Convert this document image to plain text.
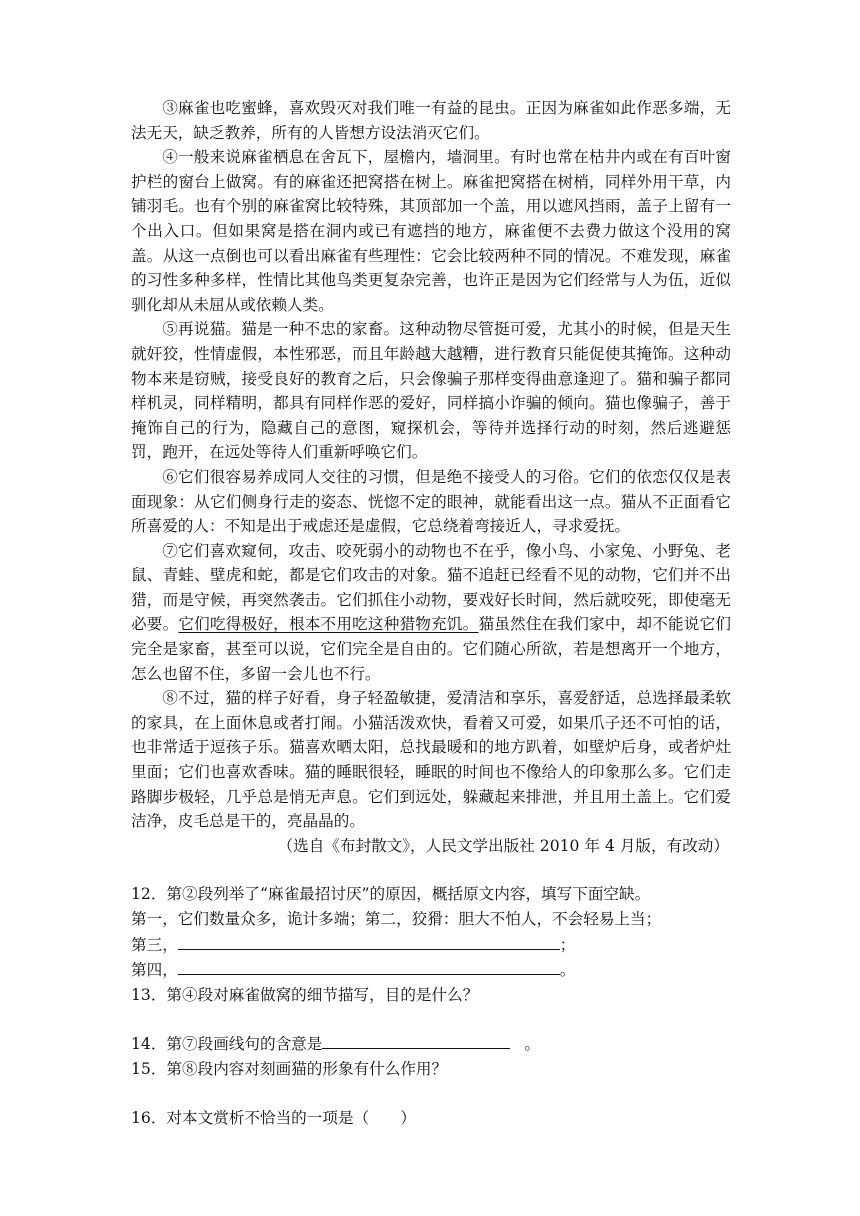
③麻雀也吃蜜蜂，喜欢毁灭对我们唯一有益的昆虫。正因为麻雀如此作恶多端，无法无天，缺乏教养，所有的人皆想方设法消灭它们。

④一般来说麻雀栖息在舍瓦下，屋檐内，墙洞里。有时也常在枯井内或在有百叶窗护栏的窗台上做窝。有的麻雀还把窝搭在树上。麻雀把窝搭在树梢，同样外用干草，内铺羽毛。也有个别的麻雀窝比较特殊，其顶部加一个盖，用以遮风挡雨，盖子上留有一个出入口。但如果窝是搭在洞内或已有遮挡的地方，麻雀便不去费力做这个没用的窝盖。从这一点倒也可以看出麻雀有些理性：它会比较两种不同的情况。不难发现，麻雀的习性多种多样，性情比其他鸟类更复杂完善，也许正是因为它们经常与人为伍，近似驯化却从未屈从或依赖人类。

⑤再说猫。猫是一种不忠的家畜。这种动物尽管挺可爱，尤其小的时候，但是天生就奸狡，性情虚假，本性邪恶，而且年龄越大越糟，进行教育只能促使其掩饰。这种动物本来是窃贼，接受良好的教育之后，只会像骗子那样变得曲意逢迎了。猫和骗子都同样机灵，同样精明，都具有同样作恶的爱好，同样搞小诈骗的倾向。猫也像骗子，善于掩饰自己的行为，隐藏自己的意图，窥探机会，等待并选择行动的时刻，然后逃避惩罚，跑开，在远处等待人们重新呼唤它们。

⑥它们很容易养成同人交往的习惯，但是绝不接受人的习俗。它们的依恋仅仅是表面现象：从它们侧身行走的姿态、恍惚不定的眼神，就能看出这一点。猫从不正面看它所喜爱的人：不知是出于戒虑还是虚假，它总绕着弯接近人，寻求爱抚。

⑦它们喜欢窥伺，攻击、咬死弱小的动物也不在乎，像小鸟、小家兔、小野兔、老鼠、青蛙、壁虎和蛇，都是它们攻击的对象。猫不追赶已经看不见的动物，它们并不出猎，而是守候，再突然袭击。它们抓住小动物，要戏好长时间，然后就咬死，即使毫无必要。它们吃得极好，根本不用吃这种猎物充饥。猫虽然住在我们家中，却不能说它们完全是家畜，甚至可以说，它们完全是自由的。它们随心所欲，若是想离开一个地方，怎么也留不住，多留一会儿也不行。

⑧不过，猫的样子好看，身子轻盈敏捷，爱清洁和享乐，喜爱舒适，总选择最柔软的家具，在上面休息或者打闹。小猫活泼欢快，看着又可爱，如果爪子还不可怕的话，也非常适于逗孩子乐。猫喜欢晒太阳，总找最暖和的地方趴着，如壁炉后身，或者炉灶里面；它们也喜欢香味。猫的睡眠很轻，睡眠的时间也不像给人的印象那么多。它们走路脚步极轻，几乎总是悄无声息。它们到远处，躲藏起来排泄，并且用土盖上。它们爱洁净，皮毛总是干的，亮晶晶的。

（选自《布封散文》，人民文学出版社 2010 年 4 月版，有改动）

12．第②段列举了“麻雀最招讨厌”的原因，概括原文内容，填写下面空缺。

第一，它们数量众多，诡计多端；第二，狡猾：胆大不怕人，不会轻易上当；

第三，	；

第四，	。

13．第④段对麻雀做窝的细节描写，目的是什么？

14．第⑦段画线句的含意是	。

15．第⑧段内容对刻画猫的形象有什么作用？

16．对本文赏析不恰当的一项是（　　）
